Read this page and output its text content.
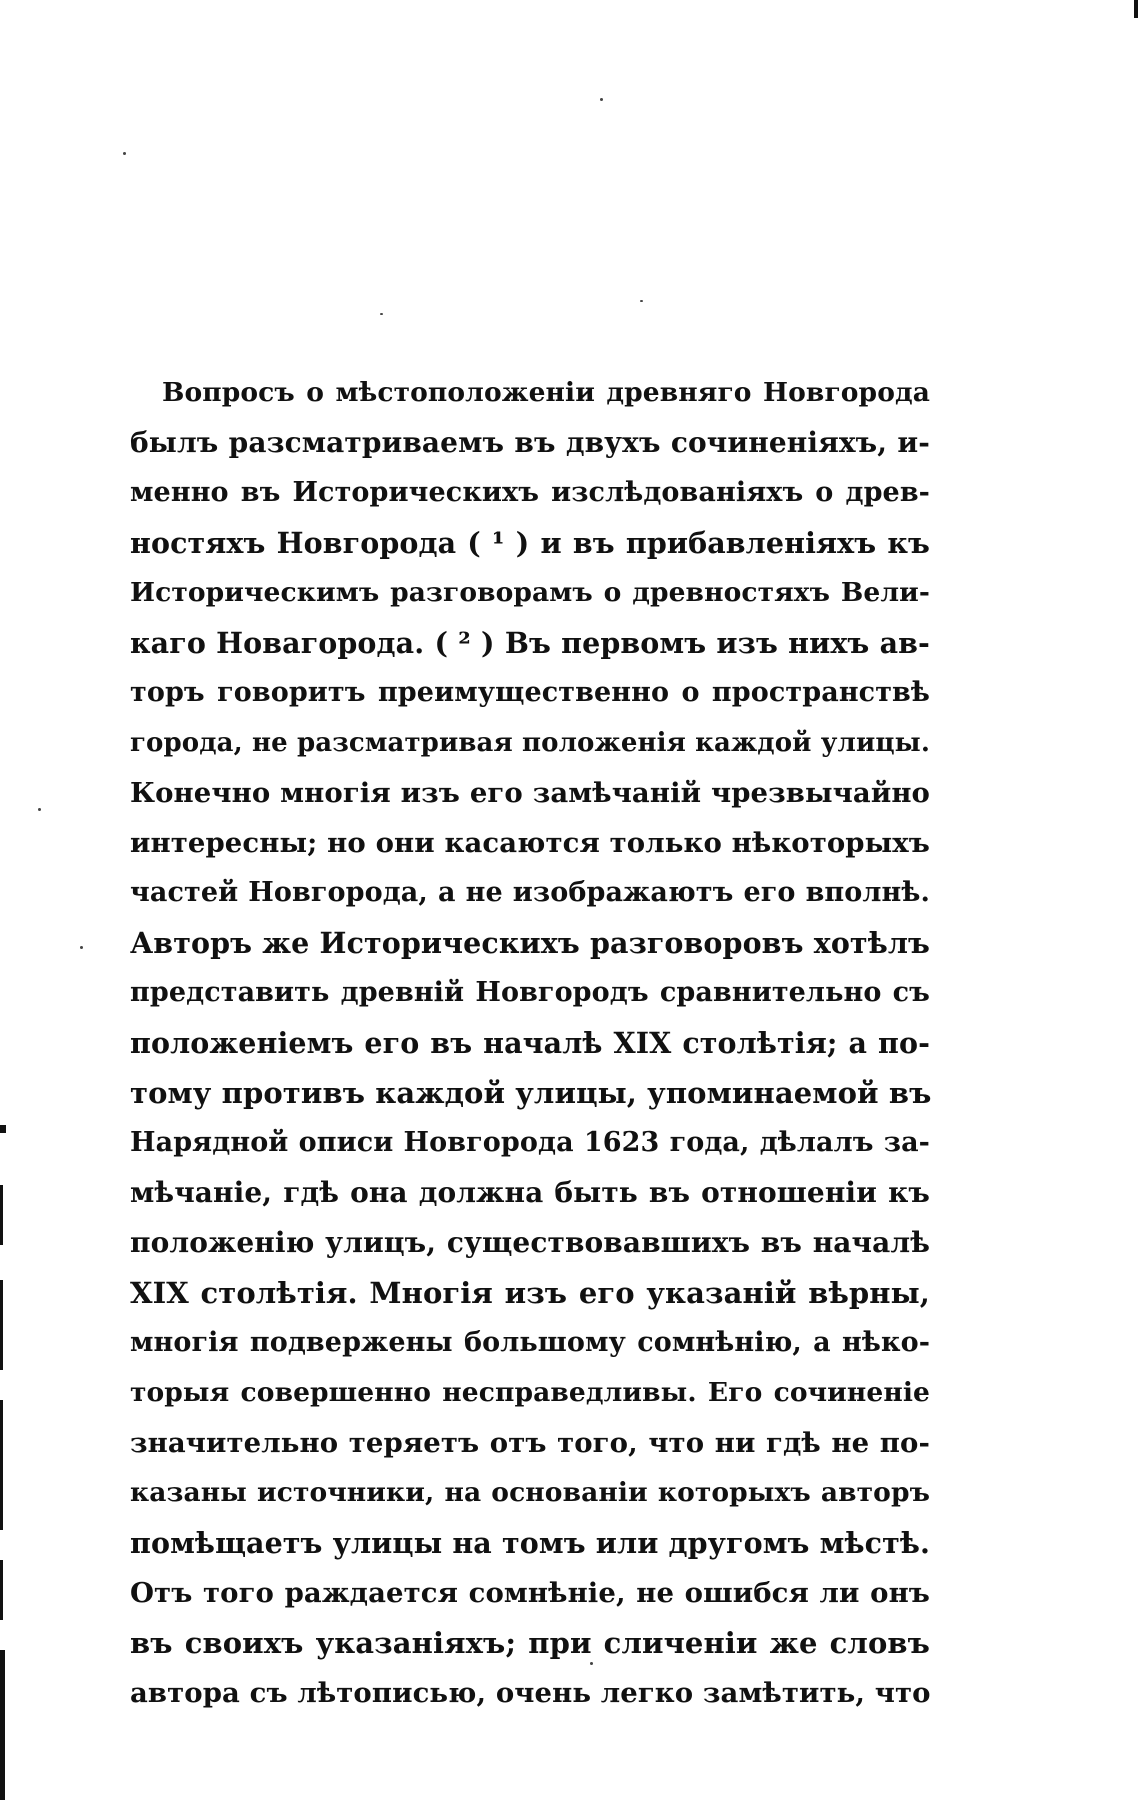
Вопросъ о мѣстоположенiи древняго Новгорода
былъ разсматриваемъ въ двухъ сочиненiяхъ, и-
менно въ Историческихъ изслѣдованiяхъ о древ-
ностяхъ Новгорода ( ¹ ) и въ прибавленiяхъ къ
Историческимъ разговорамъ о древностяхъ Вели-
каго Новагорода. ( ² ) Въ первомъ изъ нихъ ав-
торъ говоритъ преимущественно о пространствѣ
города, не разсматривая положенiя каждой улицы.
Конечно многiя изъ его замѣчанiй чрезвычайно
интересны; но они касаются только нѣкоторыхъ
частей Новгорода, а не изображаютъ его вполнѣ.
Авторъ же Историческихъ разговоровъ хотѣлъ
представить древнiй Новгородъ сравнительно съ
положенiемъ его въ началѣ XIX столѣтiя; а по-
тому противъ каждой улицы, упоминаемой въ
Нарядной описи Новгорода 1623 года, дѣлалъ за-
мѣчанiе, гдѣ она должна быть въ отношенiи къ
положенiю улицъ, существовавшихъ въ началѣ
XIX столѣтiя. Многiя изъ его указанiй вѣрны,
многiя подвержены большому сомнѣнiю, а нѣко-
торыя совершенно несправедливы. Его сочиненiе
значительно теряетъ отъ того, что ни гдѣ не по-
казаны источники, на основанiи которыхъ авторъ
помѣщаетъ улицы на томъ или другомъ мѣстѣ.
Отъ того раждается сомнѣнiе, не ошибся ли онъ
въ своихъ указанiяхъ; при сличенiи же словъ
автора съ лѣтописью, очень легко замѣтить, что
